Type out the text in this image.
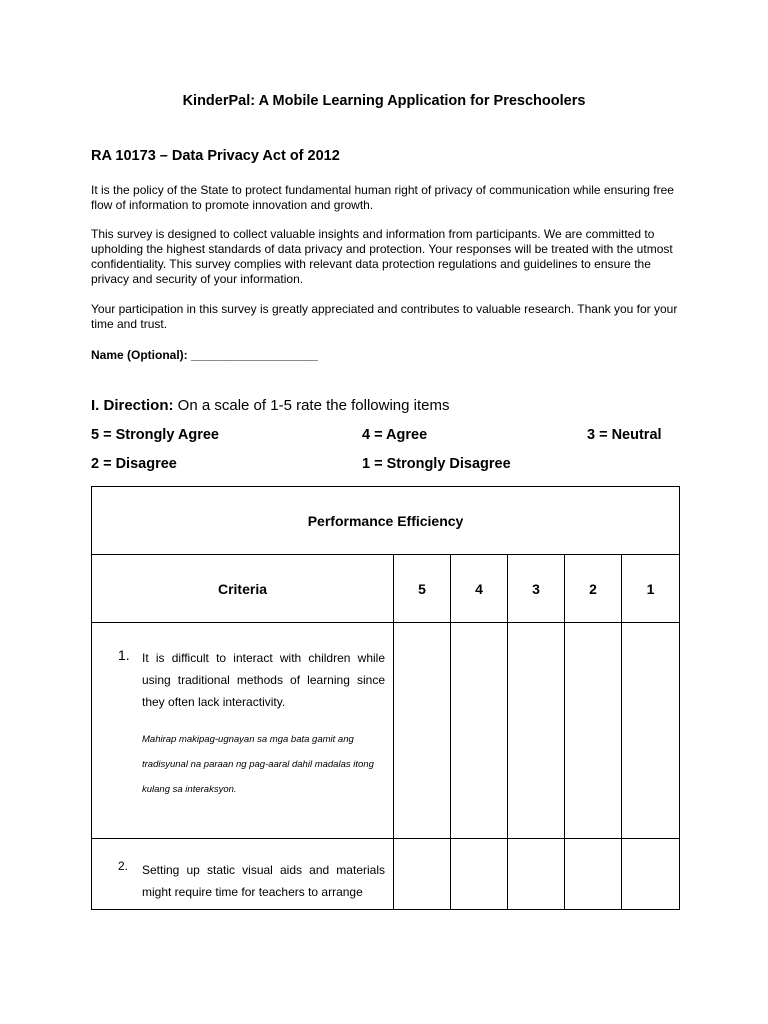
KinderPal: A Mobile Learning Application for Preschoolers
RA 10173 – Data Privacy Act of 2012

It is the policy of the State to protect fundamental human right of privacy of communication while ensuring free flow of information to promote innovation and growth.

This survey is designed to collect valuable insights and information from participants. We are committed to upholding the highest standards of data privacy and protection. Your responses will be treated with the utmost confidentiality. This survey complies with relevant data protection regulations and guidelines to ensure the privacy and security of your information.

Your participation in this survey is greatly appreciated and contributes to valuable research. Thank you for your time and trust.

Name (Optional): ___________________
I. Direction: On a scale of 1-5 rate the following items
5 = Strongly Agree	4 = Agree	3 = Neutral
2 = Disagree	1 = Strongly Disagree
Performance Efficiency					
Criteria	5	4	3	2	1

1. It is difficult to interact with children while using traditional methods of learning since they often lack interactivity.
Mahirap makipag-ugnayan sa mga bata gamit ang tradisyunal na paraan ng pag-aaral dahil madalas itong kulang sa interaksyon.					

2. Setting up static visual aids and materials might require time for teachers to arrange					
